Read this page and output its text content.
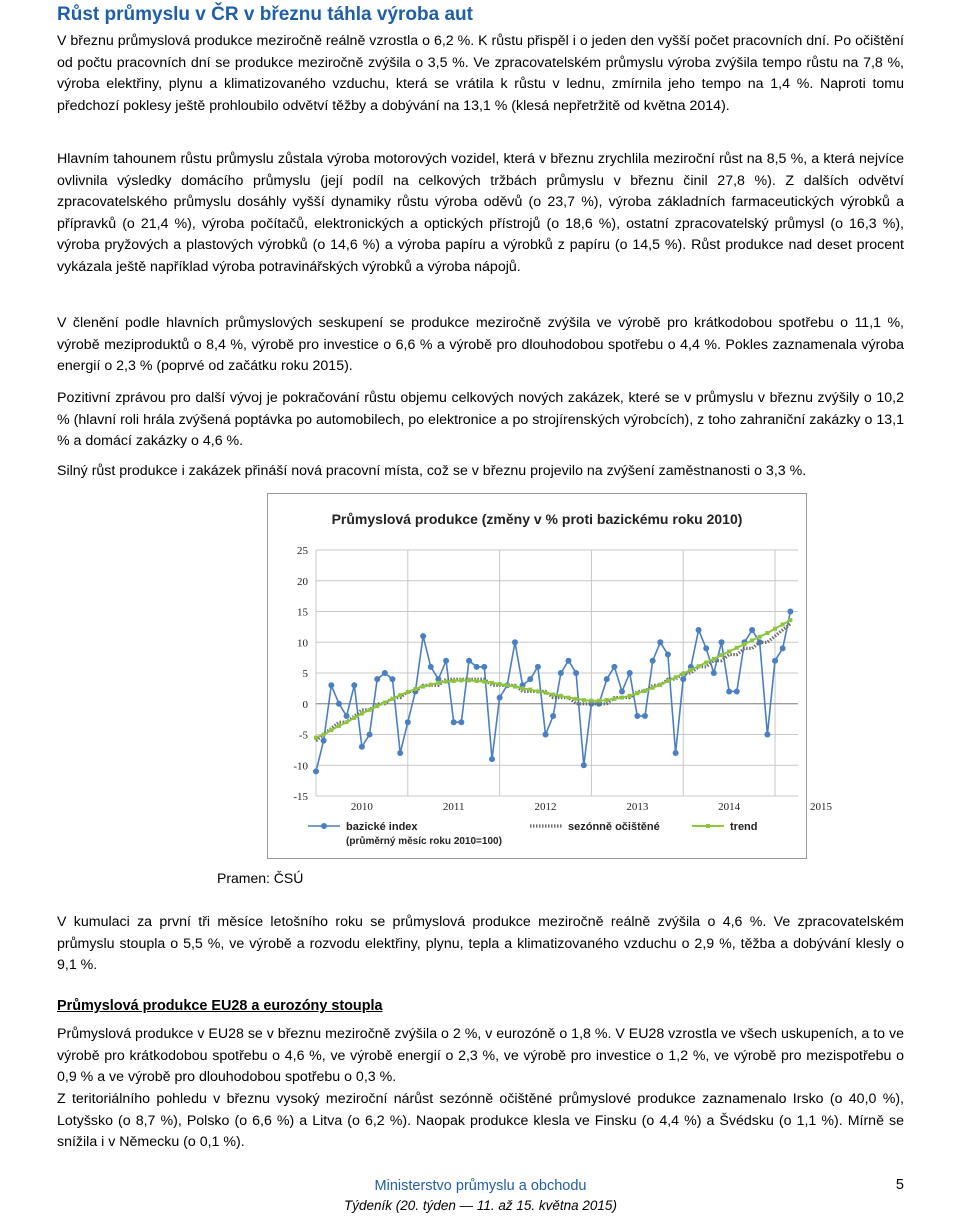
Růst průmyslu v ČR v březnu táhla výroba aut

V březnu průmyslová produkce meziročně reálně vzrostla o 6,2 %. K růstu přispěl i o jeden den vyšší počet pracovních dní. Po očištění od počtu pracovních dní se produkce meziročně zvýšila o 3,5 %. Ve zpracovatelském průmyslu výroba zvýšila tempo růstu na 7,8 %, výroba elektřiny, plynu a klimatizovaného vzduchu, která se vrátila k růstu v lednu, zmírnila jeho tempo na 1,4 %. Naproti tomu předchozí poklesy ještě prohloubilo odvětví těžby a dobývání na 13,1 % (klesá nepřetržitě od května 2014).

Hlavním tahounem růstu průmyslu zůstala výroba motorových vozidel, která v březnu zrychlila meziroční růst na 8,5 %, a která nejvíce ovlivnila výsledky domácího průmyslu (její podíl na celkových tržbách průmyslu v březnu činil 27,8 %). Z dalších odvětví zpracovatelského průmyslu dosáhly vyšší dynamiky růstu výroba oděvů (o 23,7 %), výroba základních farmaceutických výrobků a přípravků (o 21,4 %), výroba počítačů, elektronických a optických přístrojů (o 18,6 %), ostatní zpracovatelský průmysl (o 16,3 %), výroba pryžových a plastových výrobků (o 14,6 %) a výroba papíru a výrobků z papíru (o 14,5 %). Růst produkce nad deset procent vykázala ještě například výroba potravinářských výrobků a výroba nápojů.

V členění podle hlavních průmyslových seskupení se produkce meziročně zvýšila ve výrobě pro krátkodobou spotřebu o 11,1 %, výrobě meziproduktů o 8,4 %, výrobě pro investice o 6,6 % a výrobě pro dlouhodobou spotřebu o 4,4 %. Pokles zaznamenala výroba energií o 2,3 % (poprvé od začátku roku 2015).

Pozitivní zprávou pro další vývoj je pokračování růstu objemu celkových nových zakázek, které se v průmyslu v březnu zvýšily o 10,2 % (hlavní roli hrála zvýšená poptávka po automobilech, po elektronice a po strojírenských výrobcích), z toho zahraniční zakázky o 13,1 % a domácí zakázky o 4,6 %.

Silný růst produkce i zakázek přináší nová pracovní místa, což se v březnu projevilo na zvýšení zaměstnanosti o 3,3 %.

Průmyslová produkce (změny v % proti bazickému roku 2010)
25
20
15
10
5
0
-5
-10
-15
2010	2011	2012	2013	2014	2015
bazické index
(průměrný měsíc roku 2010=100)
sezónně očištěné	trend
Pramen: ČSÚ

V kumulaci za první tři měsíce letošního roku se průmyslová produkce meziročně reálně zvýšila o 4,6 %. Ve zpracovatelském průmyslu stoupla o 5,5 %, ve výrobě a rozvodu elektřiny, plynu, tepla a klimatizovaného vzduchu o 2,9 %, těžba a dobývání klesly o 9,1 %.

Průmyslová produkce EU28 a eurozóny stoupla

Průmyslová produkce v EU28 se v březnu meziročně zvýšila o 2 %, v eurozóně o 1,8 %. V EU28 vzrostla ve všech uskupeních, a to ve výrobě pro krátkodobou spotřebu o 4,6 %, ve výrobě energií o 2,3 %, ve výrobě pro investice o 1,2 %, ve výrobě pro mezispotřebu o 0,9 % a ve výrobě pro dlouhodobou spotřebu o 0,3 %.

Z teritoriálního pohledu v březnu vysoký meziroční nárůst sezónně očištěné průmyslové produkce zaznamenalo Irsko (o 40,0 %), Lotyšsko (o 8,7 %), Polsko (o 6,6 %) a Litva (o 6,2 %). Naopak produkce klesla ve Finsku (o 4,4 %) a Švédsku (o 1,1 %). Mírně se snížila i v Německu (o 0,1 %).

Ministerstvo průmyslu a obchodu
Týdeník (20. týden — 11. až 15. května 2015)
5
